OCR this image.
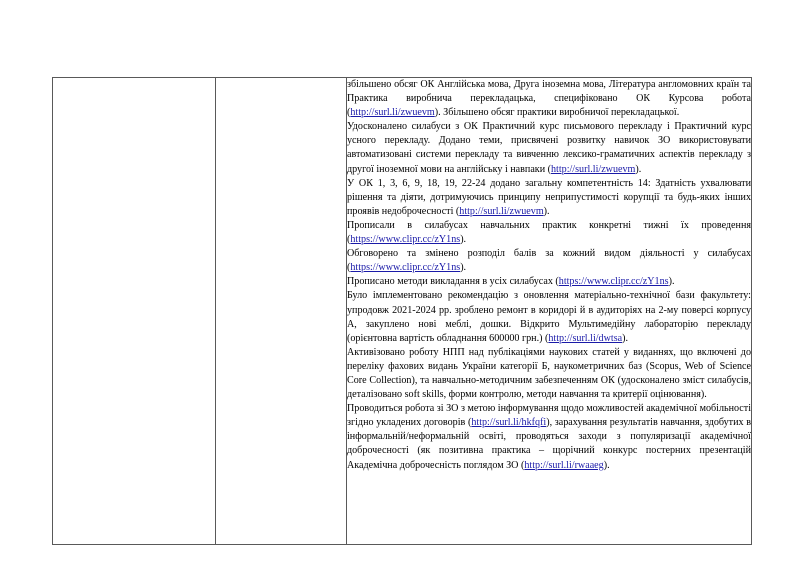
збільшено обсяг ОК Англійська мова, Друга іноземна мова, Література англомовних країн та Практика виробнича перекладацька, специфіковано ОК Курсова робота (http://surl.li/zwuevm). Збільшено обсяг практики виробничої перекладацької.
Удосконалено силабуси з ОК Практичний курс письмового перекладу і Практичний курс усного перекладу. Додано теми, присвячені розвитку навичок ЗО використовувати автоматизовані системи перекладу та вивченню лексико-граматичних аспектів перекладу з другої іноземної мови на англійську і навпаки (http://surl.li/zwuevm).
У ОК 1, 3, 6, 9, 18, 19, 22-24 додано загальну компетентність 14: Здатність ухвалювати рішення та діяти, дотримуючись принципу неприпустимості корупції та будь-яких інших проявів недоброчесності (http://surl.li/zwuevm).
Прописали в силабусах навчальних практик конкретні тижні їх проведення (https://www.clipr.cc/zY1ns).
Обговорено та змінено розподіл балів за кожний видом діяльності у силабусах (https://www.clipr.cc/zY1ns).
Прописано методи викладання в усіх силабусах (https://www.clipr.cc/zY1ns).
Було імплементовано рекомендацію з оновлення матеріально-технічної бази факультету: упродовж 2021-2024 рр. зроблено ремонт в коридорі й в аудиторіях на 2-му поверсі корпусу А, закуплено нові меблі, дошки. Відкрито Мультимедійну лабораторію перекладу (орієнтовна вартість обладнання 600000 грн.) (http://surl.li/dwtsa).
Активізовано роботу НПП над публікаціями наукових статей у виданнях, що включені до переліку фахових видань України категорії Б, наукометричних баз (Scopus, Web of Science Core Collection), та навчально-методичним забезпеченням ОК (удосконалено зміст силабусів, деталізовано soft skills, форми контролю, методи навчання та критерії оцінювання).
Проводиться робота зі ЗО з метою інформування щодо можливостей академічної мобільності згідно укладених договорів (http://surl.li/hkfqfi), зарахування результатів навчання, здобутих в інформальній/неформальній освіті, проводяться заходи з популяризації академічної доброчесності (як позитивна практика – щорічний конкурс постерних презентацій Академічна доброчесність поглядом ЗО (http://surl.li/rwaaeg).
